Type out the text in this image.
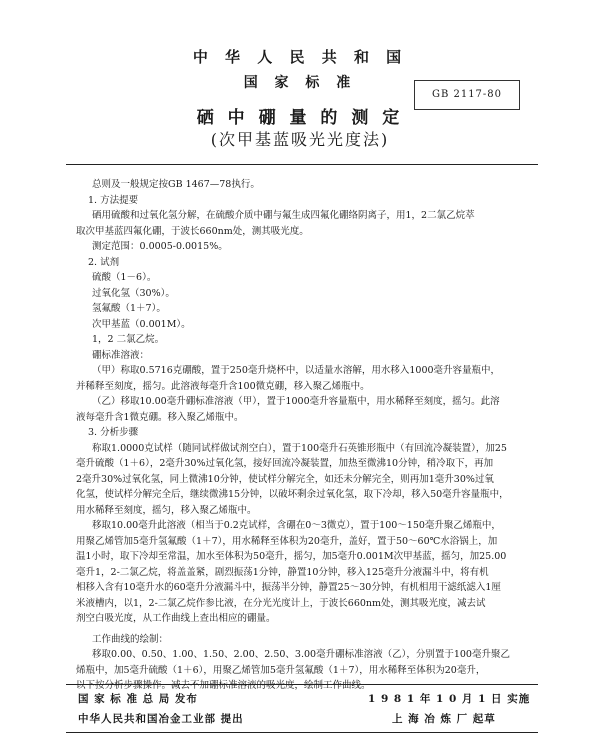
中 华 人 民 共 和 国
国 家 标 准
GB 2117-80
硒 中 硼 量 的 测 定
(次甲基蓝吸光光度法)

总则及一般规定按GB 1467—78执行。

1. 方法提要

硒用硫酸和过氧化氢分解，在硫酸介质中硼与氟生成四氟化硼络阴离子，用1，2二氯乙烷萃

取次甲基蓝四氟化硼，于波长660nm处，测其吸光度。

测定范围：0.0005-0.0015%。

2. 试剂

硫酸（1－6）。

过氧化氢（30%）。

氢氟酸（1＋7）。

次甲基蓝（0.001M）。

1，2 二氯乙烷。

硼标准溶液：

（甲）称取0.5716克硼酸，置于250毫升烧杯中，以适量水溶解，用水移入1000毫升容量瓶中，

并稀释至刻度，摇匀。此溶液每毫升含100微克硼，移入聚乙烯瓶中。

（乙）移取10.00毫升硼标准溶液（甲），置于1000毫升容量瓶中，用水稀释至刻度，摇匀。此溶

液每毫升含1微克硼。移入聚乙烯瓶中。

3. 分析步骤

称取1.0000克试样（随同试样做试剂空白），置于100毫升石英锥形瓶中（有回流冷凝装置），加25

毫升硫酸（1＋6），2毫升30%过氧化氢，接好回流冷凝装置，加热至微沸10分钟，稍冷取下，再加

2毫升30%过氧化氢，同上微沸10分钟，使试样分解完全，如还未分解完全，则再加1毫升30%过氧

化氢，使试样分解完全后，继续微沸15分钟，以破坏剩余过氧化氢，取下冷却，移入50毫升容量瓶中，

用水稀释至刻度，摇匀，移入聚乙烯瓶中。

移取10.00毫升此溶液（相当于0.2克试样，含硼在0～3微克），置于100～150毫升聚乙烯瓶中，

用聚乙烯管加5毫升氢氟酸（1＋7），用水稀释至体积为20毫升，盖好，置于50～60℃水浴锅上，加

温1小时，取下冷却至常温，加水至体积为50毫升，摇匀，加5毫升0.001M次甲基蓝，摇匀，加25.00

毫升1，2-二氯乙烷，将盖盖紧，剧烈振荡1分钟，静置10分钟，移入125毫升分液漏斗中，将有机

相移入含有10毫升水的60毫升分液漏斗中，振荡半分钟，静置25～30分钟，有机相用干滤纸滤入1厘

米液槽内，以1，2-二氯乙烷作参比液，在分光光度计上，于波长660nm处，测其吸光度，减去试

剂空白吸光度，从工作曲线上查出相应的硼量。

工作曲线的绘制：

移取0.00、0.50、1.00、1.50、2.00、2.50、3.00毫升硼标准溶液（乙），分别置于100毫升聚乙

烯瓶中，加5毫升硫酸（1＋6），用聚乙烯管加5毫升氢氟酸（1＋7），用水稀释至体积为20毫升，

以下按分析步骤操作。减去不加硼标准溶液的吸光度，绘制工作曲线。

国 家 标 准 总 局 发布	1 9 8 1 年 1 0 月 1 日 实施
中华人民共和国冶金工业部 提出	上 海 冶 炼 厂 起草
